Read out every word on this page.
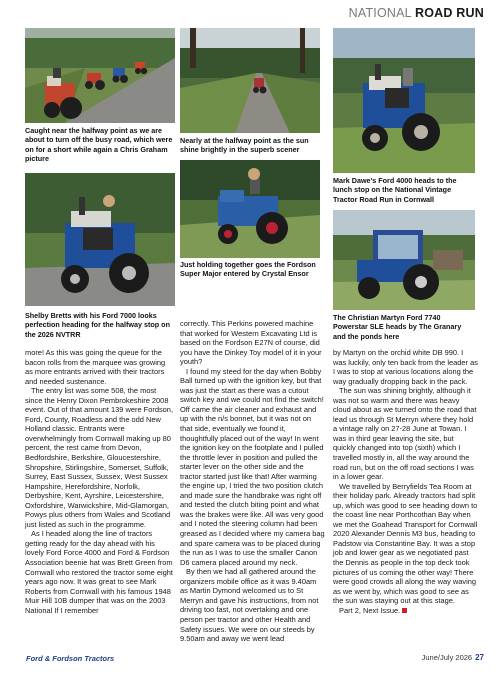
NATIONAL ROAD RUN
Caught near the halfway point as we are about to turn off the busy road, which were on for a short while again a Chris Graham picture
Nearly at the halfway point as the sun shine brightly in the superb scener
Mark Dawe's Ford 4000 heads to the lunch stop on the National Vintage Tractor Road Run in Cornwall
Just holding together goes the Fordson Super Major entered by Crystal Ensor
Shelby Bretts with his Ford 7000 looks perfection heading for the halfway stop on the 2026 NVTRR
The Christian Martyn Ford 7740 Powerstar SLE heads by The Granary and the ponds here

more! As this was going the queue for the bacon rolls from the marquee was growing as more entrants arrived with their tractors and needed sustenance.

The entry list was some 508, the most since the Henry Dixon Pembrokeshire 2008 event. Out of that amount 139 were Fordson, Ford, County, Roadless and the odd New Holland classic. Entrants were overwhelmingly from Cornwall making up 80 percent, the rest came from Devon, Bedfordshire, Berkshire, Gloucestershire, Shropshire, Stirlingshire, Somerset, Suffolk, Surrey, East Sussex, Sussex, West Sussex Hampshire, Herefordshire, Norfolk, Derbyshire, Kent, Ayrshire, Leicestershire, Oxfordshire, Warwickshire, Mid-Glamorgan, Powys plus others from Wales and Scotland just listed as such in the programme.

As I headed along the line of tractors getting ready for the day ahead with his lovely Ford Force 4000 and Ford & Fordson Association beenie hat was Brett Green from Cornwall who restored the tractor some eight years ago now. It was great to see Mark Roberts from Cornwall with his famous 1948 Muir Hill 10B dumper that was on the 2003 National If I remember

correctly. This Perkins powered machine that worked for Western Excavating Ltd is based on the Fordson E27N of course, did you have the Dinkey Toy model of it in your youth?

I found my steed for the day when Bobby Ball turned up with the ignition key, but that was just the start as there was a cutout switch key and we could not find the switch! Off came the air cleaner and exhaust and up with the n/s bonnet, but it was not on that side, eventually we found it, thoughtfully placed out of the way! In went the ignition key on the footplate and I pulled the throttle lever in position and pulled the starter lever on the other side and the tractor started just like that! After warming the engine up, I tried the two position clutch and made sure the handbrake was right off and tested the clutch biting point and what was the brakes were like. All was very good and I noted the steering column had been greased as I decided where my camera bag and spare camera was to be placed during the run as I was to use the smaller Canon D6 camera placed around my neck.

By then we had all gathered around the organizers mobile office as it was 9.40am as Martin Dymond welcomed us to St Merryn and gave his instructions, from not driving too fast, not overtaking and one person per tractor and other Health and Safety issues. We were on our steeds by 9.50am and away we went lead

by Martyn on the orchid white DB 990. I was luckily, only ten back from the leader as I was to stop at various locations along the way gradually dropping back in the pack.

The sun was shining brightly, although it was not so warm and there was heavy cloud about as we turned onto the road that lead us through St Merryn where they hold a vintage rally on 27-28 June at Towan. I was in third gear leaving the site, but quickly changed into top (sixth) which I travelled mostly in, all the way around the road run, but on the off road sections I was in a lower gear.

We travelled by Berryfields Tea Room at their holiday park. Already tractors had split up, which was good to see heading down to the coast line near Porthcothan Bay when we met the Goahead Transport for Cornwall 2020 Alexander Dennis M3 bus, heading to Padstow via Constantine Bay. It was a stop job and lower gear as we negotiated past the Dennis as people in the top deck took pictures of us coming the other way! There were good crowds all along the way waving as we went by, which was good to see as the sun was staying out at this stage.

Part 2, Next Issue.

Ford & Fordson Tractors	June/July 2026 27
